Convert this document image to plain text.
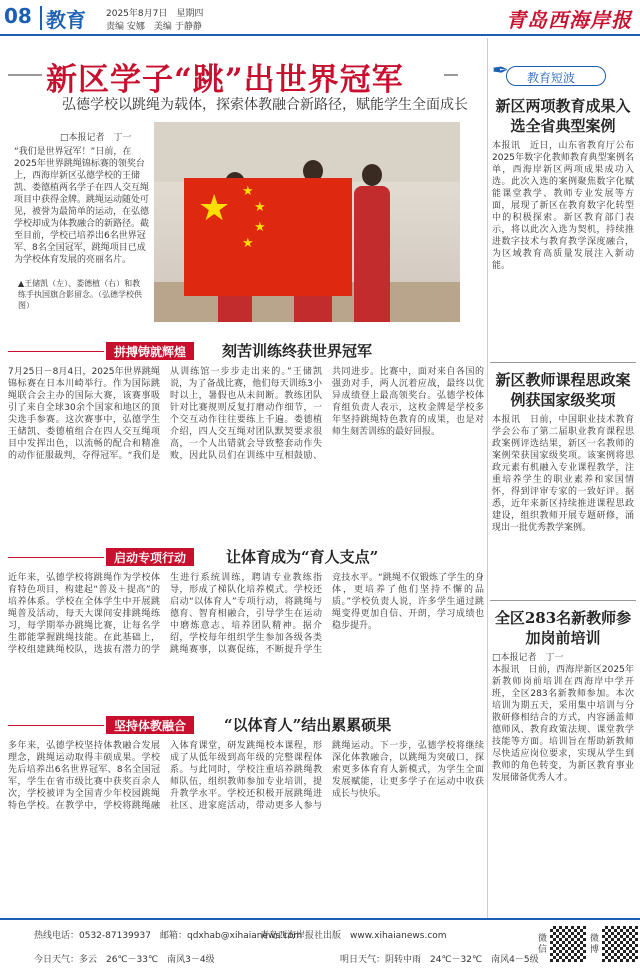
08 教育 2025年8月7日　 星期四
责编 安娜　 美编 于静静	青岛西海岸报
新区学子“跳”出世界冠军
弘德学校以跳绳为载体，探索体教融合新路径，赋能学生全面成长
□本报记者　丁一
“我们是世界冠军！”日前，在2025年世界跳绳锦标赛的领奖台上，西海岸新区弘德学校的王储凯、娄德植两名学子在四人交互绳项目中获得金牌。跳绳运动随处可见，被誉为最简单的运动，在弘德学校却成为体教融合的新路径。截至目前，学校已培养出6名世界冠军、8名全国冠军，跳绳项目已成为学校体育发展的亮丽名片。
▲王储凯（左）、娄德植（右）和教练手执国旗合影留念。（弘德学校供图）
★ ★
★
★
★
拼搏铸就辉煌	刻苦训练终获世界冠军
7月25日－8月4日，2025年世界跳绳锦标赛在日本川崎举行。作为国际跳绳联合会主办的国际大赛，该赛事吸引了来自全球30余个国家和地区的顶尖选手参赛。这次赛事中，弘德学生王储凯、娄德植组合在四人交互绳项目中发挥出色，以流畅的配合和精准的动作征服裁判，夺得冠军。“我们是从训练馆一步步走出来的。”王储凯说，为了备战比赛，他们每天训练3小时以上，暑假也从未间断。教练团队针对比赛规则反复打磨动作细节，一个交互动作往往要练上千遍。娄德植介绍，四人交互绳对团队默契要求很高，一个人出错就会导致整套动作失败，因此队员们在训练中互相鼓励、共同进步。比赛中，面对来自各国的强劲对手，两人沉着应战，最终以优异成绩登上最高领奖台。弘德学校体育组负责人表示，这枚金牌是学校多年坚持跳绳特色教育的成果，也是对师生刻苦训练的最好回报。
启动专项行动	让体育成为“育人支点”
近年来，弘德学校将跳绳作为学校体育特色项目，构建起“普及＋提高”的培养体系。学校在全体学生中开展跳绳普及活动，每天大课间安排跳绳练习，每学期举办跳绳比赛，让每名学生都能掌握跳绳技能。在此基础上，学校组建跳绳校队，选拔有潜力的学生进行系统训练，聘请专业教练指导，形成了梯队化培养模式。学校还启动“以体育人”专项行动，将跳绳与德育、智育相融合，引导学生在运动中磨炼意志、培养团队精神。据介绍，学校每年组织学生参加各级各类跳绳赛事，以赛促练，不断提升学生竞技水平。“跳绳不仅锻炼了学生的身体，更培养了他们坚持不懈的品质。”学校负责人说，许多学生通过跳绳变得更加自信、开朗，学习成绩也稳步提升。
坚持体教融合	“以体育人”结出累累硕果
多年来，弘德学校坚持体教融合发展理念，跳绳运动取得丰硕成果。学校先后培养出6名世界冠军、8名全国冠军，学生在省市级比赛中获奖百余人次，学校被评为全国青少年校园跳绳特色学校。在教学中，学校将跳绳融入体育课堂，研发跳绳校本课程，形成了从低年级到高年级的完整课程体系。与此同时，学校注重培养跳绳教师队伍，组织教师参加专业培训，提升教学水平。学校还积极开展跳绳进社区、进家庭活动，带动更多人参与跳绳运动。下一步，弘德学校将继续深化体教融合，以跳绳为突破口，探索更多体育育人新模式，为学生全面发展赋能，让更多学子在运动中收获成长与快乐。
✒	教育短波
新区两项教育成果入选全省典型案例
本报讯　近日，山东省教育厅公布2025年数字化教师教育典型案例名单，西海岸新区两项成果成功入选。此次入选的案例聚焦数字化赋能课堂教学、教师专业发展等方面，展现了新区在教育数字化转型中的积极探索。新区教育部门表示，将以此次入选为契机，持续推进数字技术与教育教学深度融合，为区域教育高质量发展注入新动能。
新区教师课程思政案例获国家级奖项
本报讯　日前，中国职业技术教育学会公布了第二届职业教育课程思政案例评选结果，新区一名教师的案例荣获国家级奖项。该案例将思政元素有机融入专业课程教学，注重培养学生的职业素养和家国情怀，得到评审专家的一致好评。据悉，近年来新区持续推进课程思政建设，组织教师开展专题研修，涌现出一批优秀教学案例。
全区283名新教师参加岗前培训
□本报记者　丁一
本报讯　日前，西海岸新区2025年新教师岗前培训在西海岸中学开班，全区283名新教师参加。本次培训为期五天，采用集中培训与分散研修相结合的方式，内容涵盖师德师风、教育政策法规、课堂教学技能等方面。培训旨在帮助新教师尽快适应岗位要求，实现从学生到教师的角色转变，为新区教育事业发展储备优秀人才。
热线电话：0532-87139937	青岛西海岸报社出版　www.xihaianews.com
今日天气：多云　26℃－33℃　南风3－4级	明日天气：阴转中雨　24℃－32℃　南风4－5级
邮箱：qdxhab@xihaianews.com	微信
微博
